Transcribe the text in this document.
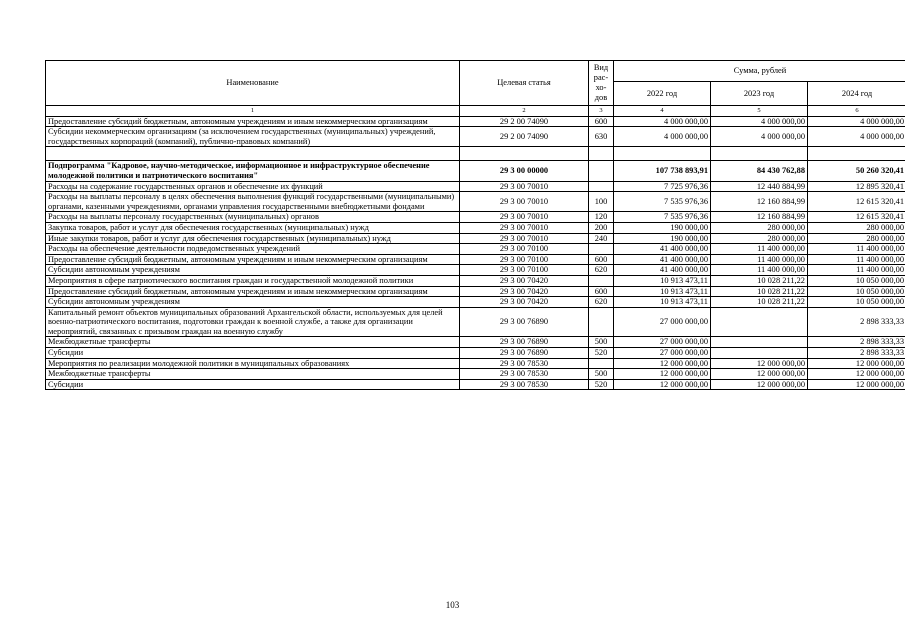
Наименование	Целевая статья	Вид рас-хо-дов	Сумма, рублей		
			2022 год	2023 год	2024 год
1	2	3	4	5	6
Предоставление субсидий бюджетным, автономным учреждениям и иным некоммерческим организациям	29 2 00 74090	600	4 000 000,00	4 000 000,00	4 000 000,00
Субсидии некоммерческим организациям (за исключением государственных (муниципальных) учреждений, государственных корпораций (компаний), публично-правовых компаний)	29 2 00 74090	630	4 000 000,00	4 000 000,00	4 000 000,00

Подпрограмма "Кадровое, научно-методическое, информационное и инфраструктурное обеспечение молодежной политики и патриотического воспитания"	29 3 00 00000		107 738 893,91	84 430 762,88	50 260 320,41
Расходы на содержание государственных органов и обеспечение их функций	29 3 00 70010		7 725 976,36	12 440 884,99	12 895 320,41
Расходы на выплаты персоналу в целях обеспечения выполнения функций государственными (муниципальными) органами, казенными учреждениями, органами управления государственными внебюджетными фондами	29 3 00 70010	100	7 535 976,36	12 160 884,99	12 615 320,41
Расходы на выплаты персоналу государственных (муниципальных) органов	29 3 00 70010	120	7 535 976,36	12 160 884,99	12 615 320,41
Закупка товаров, работ и услуг для обеспечения государственных (муниципальных) нужд	29 3 00 70010	200	190 000,00	280 000,00	280 000,00
Иные закупки товаров, работ и услуг для обеспечения государственных (муниципальных) нужд	29 3 00 70010	240	190 000,00	280 000,00	280 000,00
Расходы на обеспечение деятельности подведомственных учреждений	29 3 00 70100		41 400 000,00	11 400 000,00	11 400 000,00
Предоставление субсидий бюджетным, автономным учреждениям и иным некоммерческим организациям	29 3 00 70100	600	41 400 000,00	11 400 000,00	11 400 000,00
Субсидии автономным учреждениям	29 3 00 70100	620	41 400 000,00	11 400 000,00	11 400 000,00
Мероприятия в сфере патриотического воспитания граждан и государственной молодежной политики	29 3 00 70420		10 913 473,11	10 028 211,22	10 050 000,00
Предоставление субсидий бюджетным, автономным учреждениям и иным некоммерческим организациям	29 3 00 70420	600	10 913 473,11	10 028 211,22	10 050 000,00
Субсидии автономным учреждениям	29 3 00 70420	620	10 913 473,11	10 028 211,22	10 050 000,00
Капитальный ремонт объектов муниципальных образований Архангельской области, используемых для целей военно-патриотического воспитания, подготовки граждан к военной службе, а также для организации мероприятий, связанных с призывом граждан на военную службу	29 3 00 76890		27 000 000,00		2 898 333,33
Межбюджетные трансферты	29 3 00 76890	500	27 000 000,00		2 898 333,33
Субсидии	29 3 00 76890	520	27 000 000,00		2 898 333,33
Мероприятия по реализации молодежной политики в муниципальных образованиях	29 3 00 78530		12 000 000,00	12 000 000,00	12 000 000,00
Межбюджетные трансферты	29 3 00 78530	500	12 000 000,00	12 000 000,00	12 000 000,00
Субсидии	29 3 00 78530	520	12 000 000,00	12 000 000,00	12 000 000,00
103
